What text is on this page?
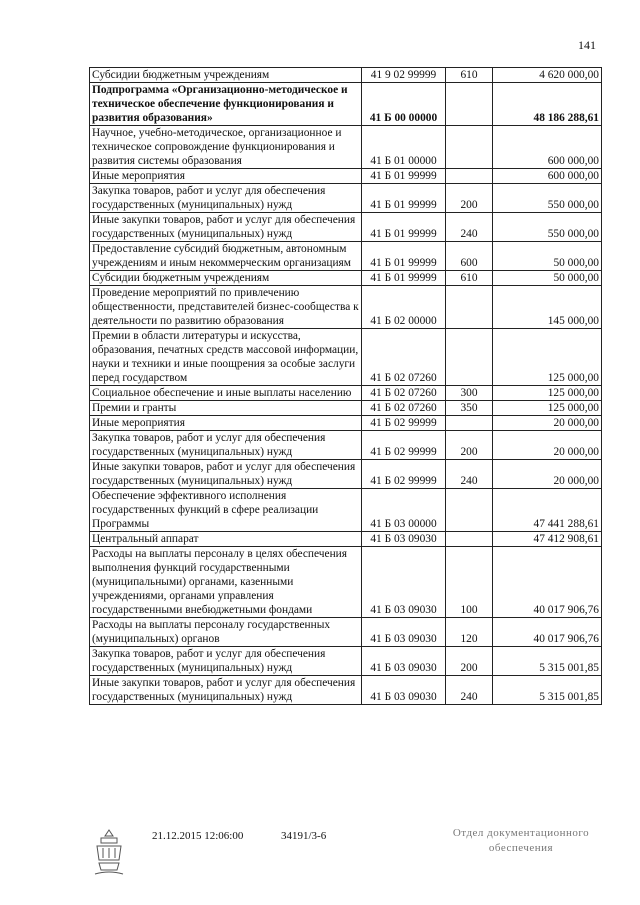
141
Субсидии бюджетным учреждениям	41 9 02 99999	610	4 620 000,00
Подпрограмма «Организационно-методическое и техническое обеспечение функционирования и развития образования»	41 Б 00 00000		48 186 288,61
Научное, учебно-методическое, организационное и техническое сопровождение функционирования и развития системы образования	41 Б 01 00000		600 000,00
Иные мероприятия	41 Б 01 99999		600 000,00
Закупка товаров, работ и услуг для обеспечения государственных (муниципальных) нужд	41 Б 01 99999	200	550 000,00
Иные закупки товаров, работ и услуг для обеспечения государственных (муниципальных) нужд	41 Б 01 99999	240	550 000,00
Предоставление субсидий бюджетным, автономным учреждениям и иным некоммерческим организациям	41 Б 01 99999	600	50 000,00
Субсидии бюджетным учреждениям	41 Б 01 99999	610	50 000,00
Проведение мероприятий по привлечению общественности, представителей бизнес-сообщества к деятельности по развитию образования	41 Б 02 00000		145 000,00
Премии в области литературы и искусства, образования, печатных средств массовой информации, науки и техники и иные поощрения за особые заслуги перед государством	41 Б 02 07260		125 000,00
Социальное обеспечение и иные выплаты населению	41 Б 02 07260	300	125 000,00
Премии и гранты	41 Б 02 07260	350	125 000,00
Иные мероприятия	41 Б 02 99999		20 000,00
Закупка товаров, работ и услуг для обеспечения государственных (муниципальных) нужд	41 Б 02 99999	200	20 000,00
Иные закупки товаров, работ и услуг для обеспечения государственных (муниципальных) нужд	41 Б 02 99999	240	20 000,00
Обеспечение эффективного исполнения государственных функций в сфере реализации Программы	41 Б 03 00000		47 441 288,61
Центральный аппарат	41 Б 03 09030		47 412 908,61
Расходы на выплаты персоналу в целях обеспечения выполнения функций государственными (муниципальными) органами, казенными учреждениями, органами управления государственными внебюджетными фондами	41 Б 03 09030	100	40 017 906,76
Расходы на выплаты персоналу государственных (муниципальных) органов	41 Б 03 09030	120	40 017 906,76
Закупка товаров, работ и услуг для обеспечения государственных (муниципальных) нужд	41 Б 03 09030	200	5 315 001,85
Иные закупки товаров, работ и услуг для обеспечения государственных (муниципальных) нужд	41 Б 03 09030	240	5 315 001,85
21.12.2015 12:06:00	34191/3-6	Отдел документационного
обеспечения
